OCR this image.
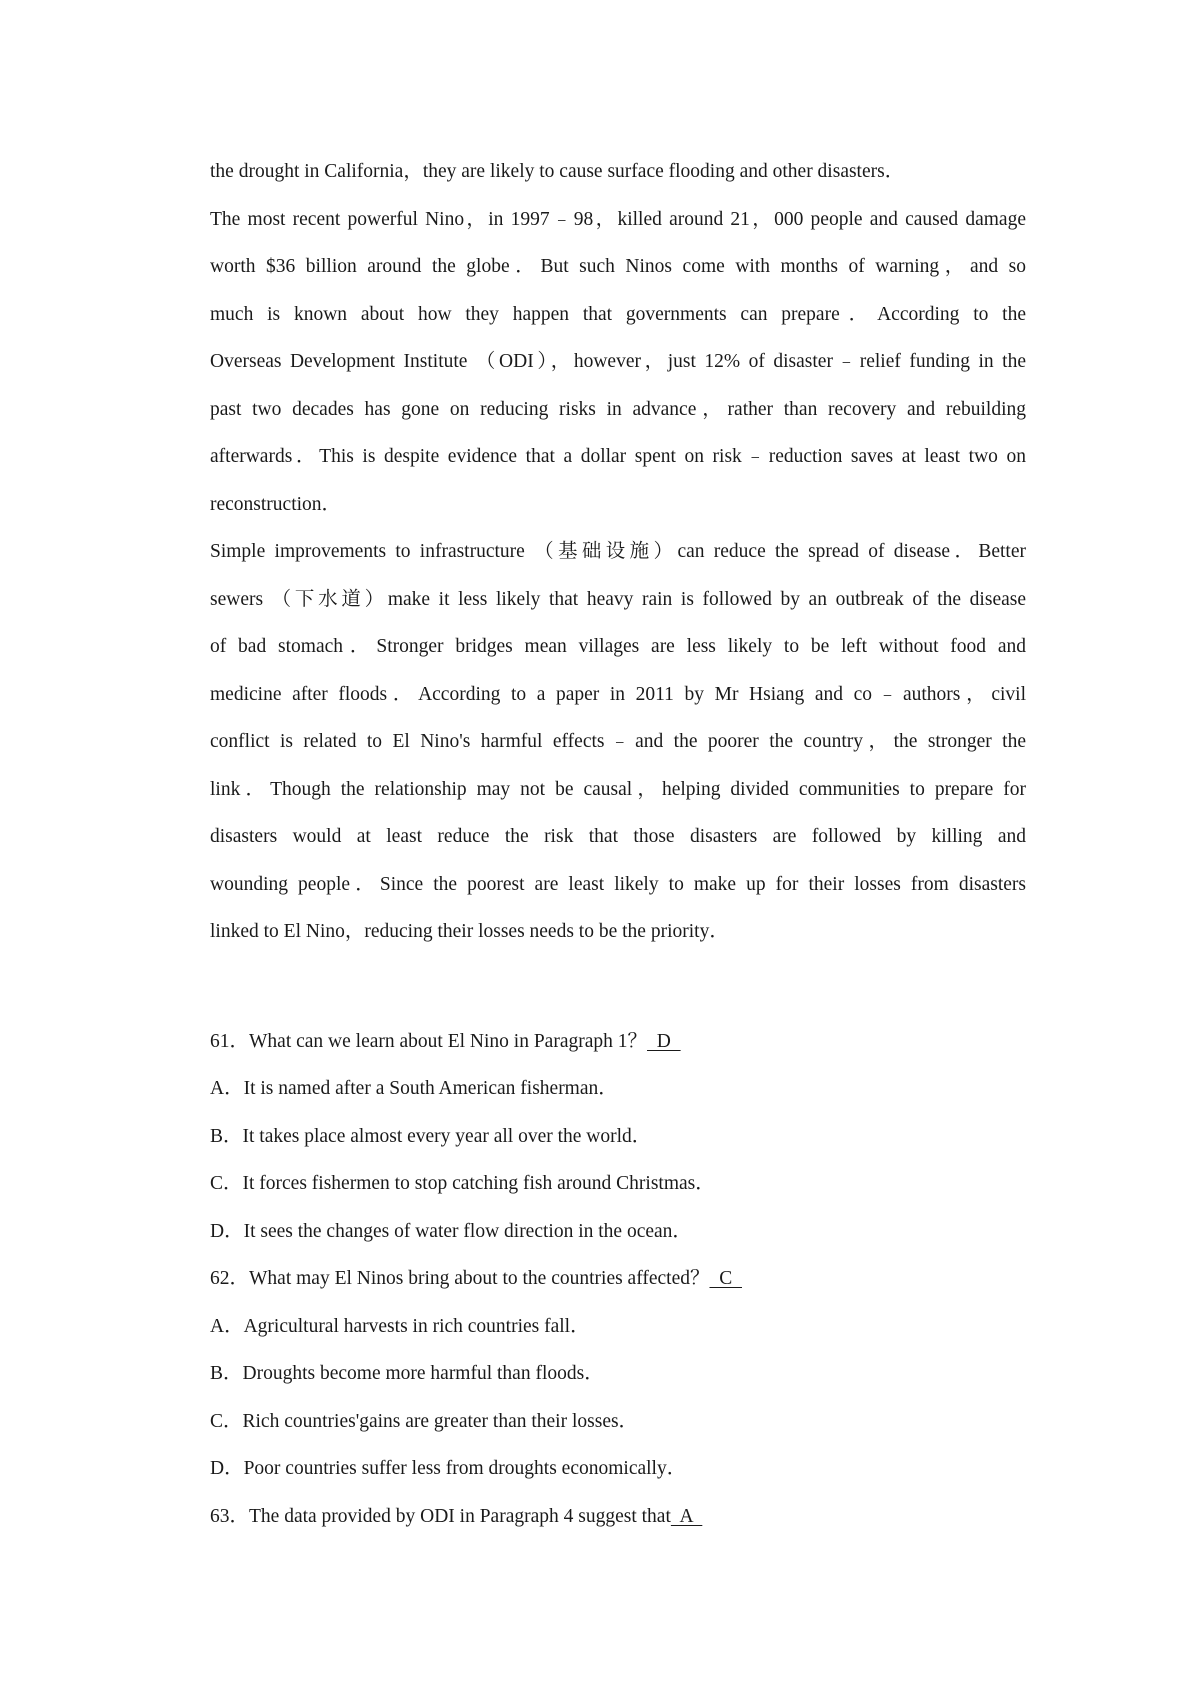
the drought in California，they are likely to cause surface flooding and other disasters．
The most recent powerful Nino，in 1997﹣98，killed around 21，000 people and caused damage
worth $36 billion around the globe．But such Ninos come with months of warning，and so
much is known about how they happen that governments can prepare．According to the
Overseas Development Institute （ODI），however，just 12% of disaster﹣relief funding in the
past two decades has gone on reducing risks in advance，rather than recovery and rebuilding
afterwards．This is despite evidence that a dollar spent on risk﹣reduction saves at least two on
reconstruction．
Simple improvements to infrastructure （基础设施）can reduce the spread of disease．Better
sewers （下水道）make it less likely that heavy rain is followed by an outbreak of the disease
of bad stomach．Stronger bridges mean villages are less likely to be left without food and
medicine after floods．According to a paper in 2011 by Mr Hsiang and co﹣authors，civil
conflict is related to El Nino's harmful effects﹣and the poorer the country，the stronger the
link．Though the relationship may not be causal，helping divided communities to prepare for
disasters would at least reduce the risk that those disasters are followed by killing and
wounding people．Since the poorest are least likely to make up for their losses from disasters
linked to El Nino，reducing their losses needs to be the priority．
61．What can we learn about El Nino in Paragraph 1？  D
A．It is named after a South American fisherman．
B．It takes place almost every year all over the world．
C．It forces fishermen to stop catching fish around Christmas．
D．It sees the changes of water flow direction in the ocean．
62．What may El Ninos bring about to the countries affected？  C
A．Agricultural harvests in rich countries fall．
B．Droughts become more harmful than floods．
C．Rich countries'gains are greater than their losses．
D．Poor countries suffer less from droughts economically．
63．The data provided by ODI in Paragraph 4 suggest that  A
